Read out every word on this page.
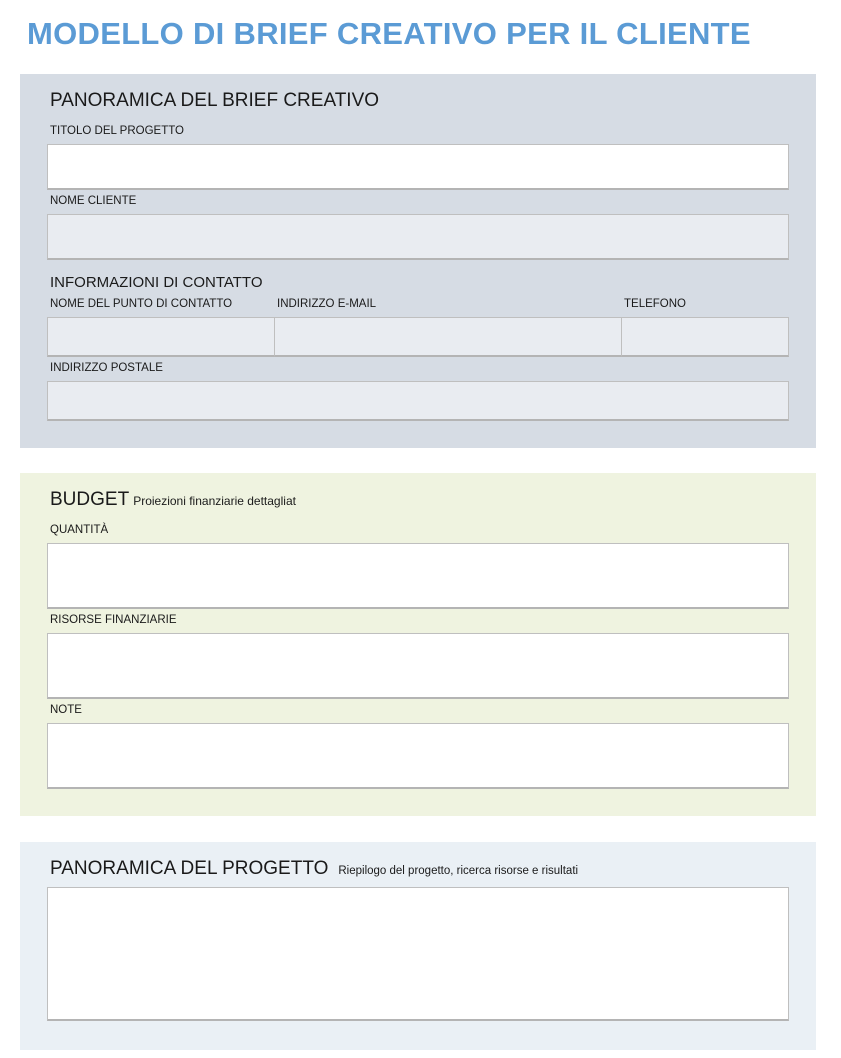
MODELLO DI BRIEF CREATIVO PER IL CLIENTE
PANORAMICA DEL BRIEF CREATIVO
TITOLO DEL PROGETTO
NOME CLIENTE
INFORMAZIONI DI CONTATTO
NOME DEL PUNTO DI CONTATTO	INDIRIZZO E-MAIL	TELEFONO
INDIRIZZO POSTALE
BUDGET Proiezioni finanziarie dettagliat
QUANTITÀ
RISORSE FINANZIARIE
NOTE
PANORAMICA DEL PROGETTO Riepilogo del progetto, ricerca risorse e risultati
